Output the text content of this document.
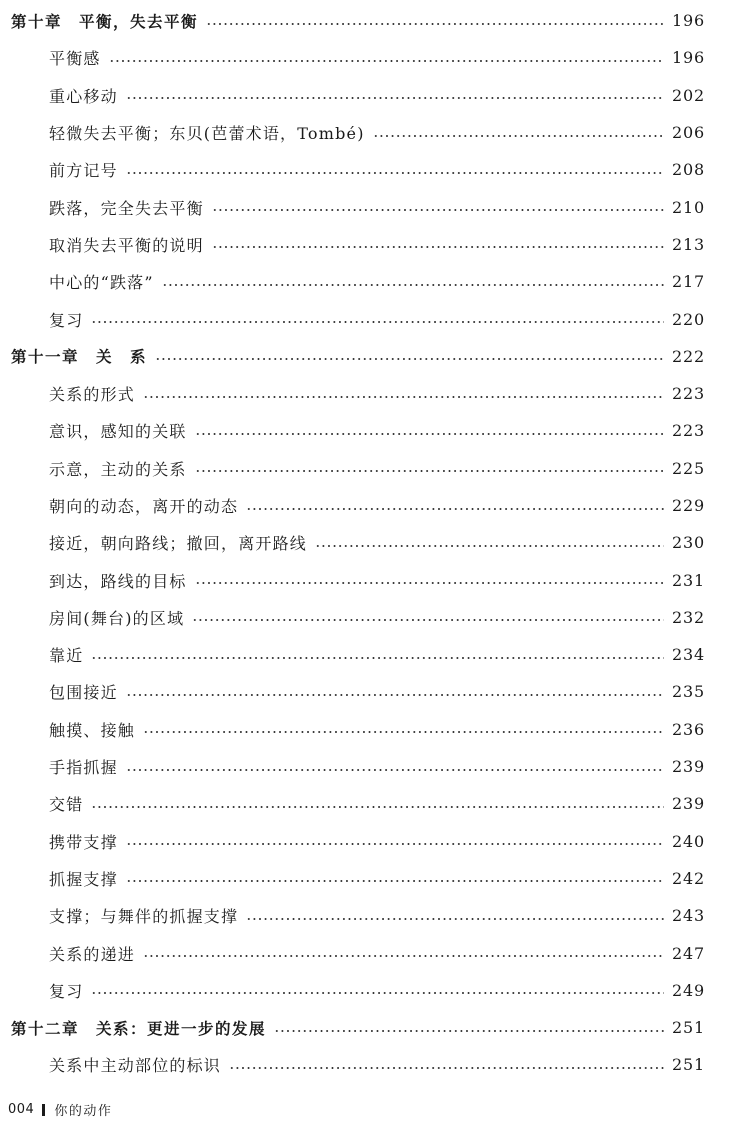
第十章　平衡，失去平衡	196
平衡感	196
重心移动	202
轻微失去平衡；东贝(芭蕾术语，Tombé)	206
前方记号	208
跌落，完全失去平衡	210
取消失去平衡的说明	213
中心的“跌落”	217
复习	220
第十一章　关　系	222
关系的形式	223
意识，感知的关联	223
示意，主动的关系	225
朝向的动态，离开的动态	229
接近，朝向路线；撤回，离开路线	230
到达，路线的目标	231
房间(舞台)的区域	232
靠近	234
包围接近	235
触摸、接触	236
手指抓握	239
交错	239
携带支撑	240
抓握支撑	242
支撑；与舞伴的抓握支撑	243
关系的递进	247
复习	249
第十二章　关系：更进一步的发展	251
关系中主动部位的标识	251
004 你的动作
